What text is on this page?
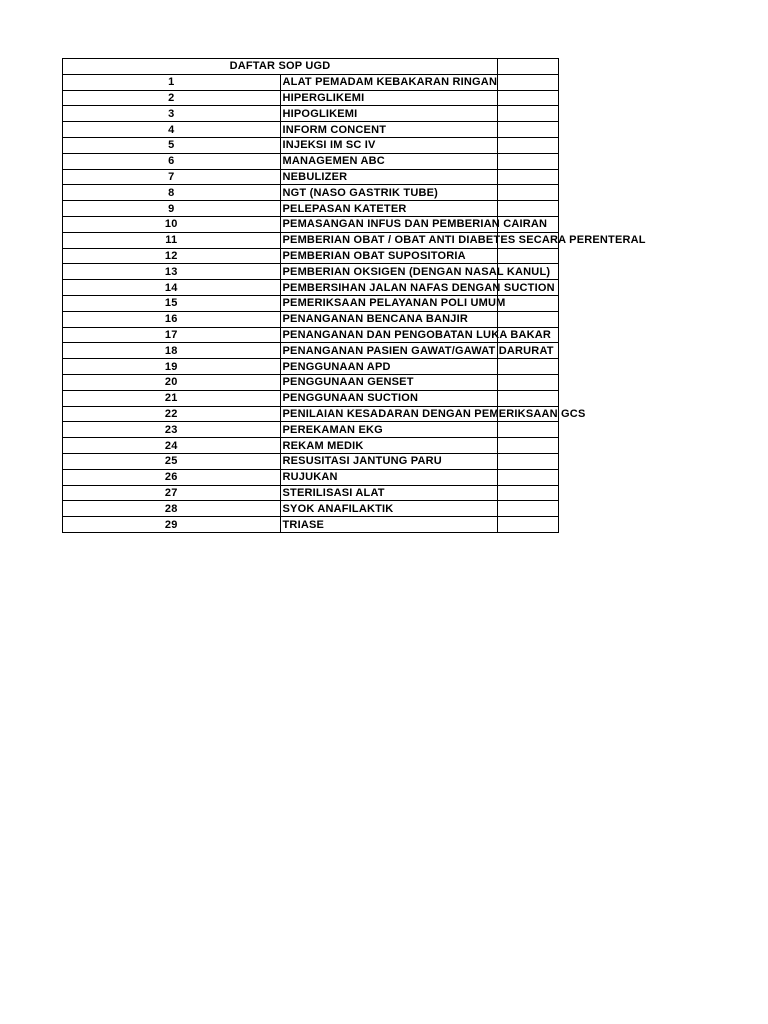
DAFTAR SOP UGD		
1	ALAT PEMADAM KEBAKARAN RINGAN	
2	HIPERGLIKEMI	
3	HIPOGLIKEMI	
4	INFORM CONCENT	
5	INJEKSI IM SC IV	
6	MANAGEMEN ABC	
7	NEBULIZER	
8	NGT (NASO GASTRIK TUBE)	
9	PELEPASAN KATETER	
10	PEMASANGAN INFUS DAN PEMBERIAN CAIRAN	
11	PEMBERIAN OBAT / OBAT ANTI DIABETES SECARA PERENTERAL	
12	PEMBERIAN OBAT SUPOSITORIA	
13	PEMBERIAN OKSIGEN (DENGAN NASAL KANUL)	
14	PEMBERSIHAN JALAN NAFAS DENGAN SUCTION	
15	PEMERIKSAAN PELAYANAN POLI UMUM	
16	PENANGANAN BENCANA BANJIR	
17	PENANGANAN DAN PENGOBATAN LUKA BAKAR	
18	PENANGANAN PASIEN GAWAT/GAWAT DARURAT	
19	PENGGUNAAN APD	
20	PENGGUNAAN GENSET	
21	PENGGUNAAN SUCTION	
22	PENILAIAN KESADARAN DENGAN PEMERIKSAAN GCS	
23	PEREKAMAN EKG	
24	REKAM MEDIK	
25	RESUSITASI JANTUNG PARU	
26	RUJUKAN	
27	STERILISASI ALAT	
28	SYOK ANAFILAKTIK	
29	TRIASE	
